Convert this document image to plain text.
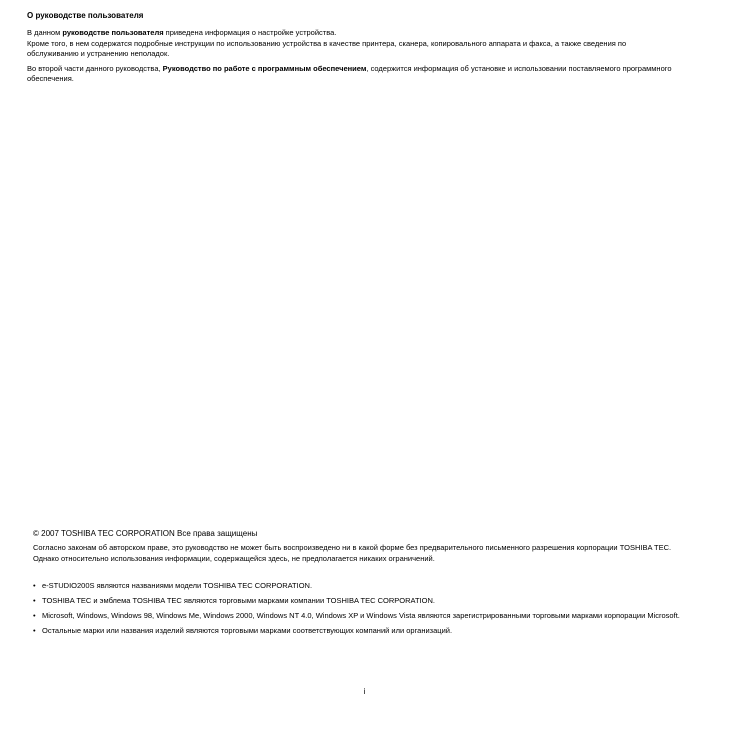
О руководстве пользователя

В данном руководстве пользователя приведена информация о настройке устройства.

Кроме того, в нем содержатся подробные инструкции по использованию устройства в качестве принтера, сканера, копировального аппарата и факса, а также сведения по обслуживанию и устранению неполадок.

Во второй части данного руководства, Руководство по работе с программным обеспечением, содержится информация об установке и использовании поставляемого программного обеспечения.

© 2007 TOSHIBA TEC CORPORATION Все права защищены

Согласно законам об авторском праве, это руководство не может быть воспроизведено ни в какой форме без предварительного письменного разрешения корпорации TOSHIBA TEC. Однако относительно использования информации, содержащейся здесь, не предполагается никаких ограничений.

• e-STUDIO200S являются названиями модели TOSHIBA TEC CORPORATION.
• TOSHIBA TEC и эмблема TOSHIBA TEC являются торговыми марками компании TOSHIBA TEC CORPORATION.
• Microsoft, Windows, Windows 98, Windows Me, Windows 2000, Windows NT 4.0, Windows XP и Windows Vista являются зарегистрированными торговыми марками корпорации Microsoft.
• Остальные марки или названия изделий являются торговыми марками соответствующих компаний или организаций.
i
